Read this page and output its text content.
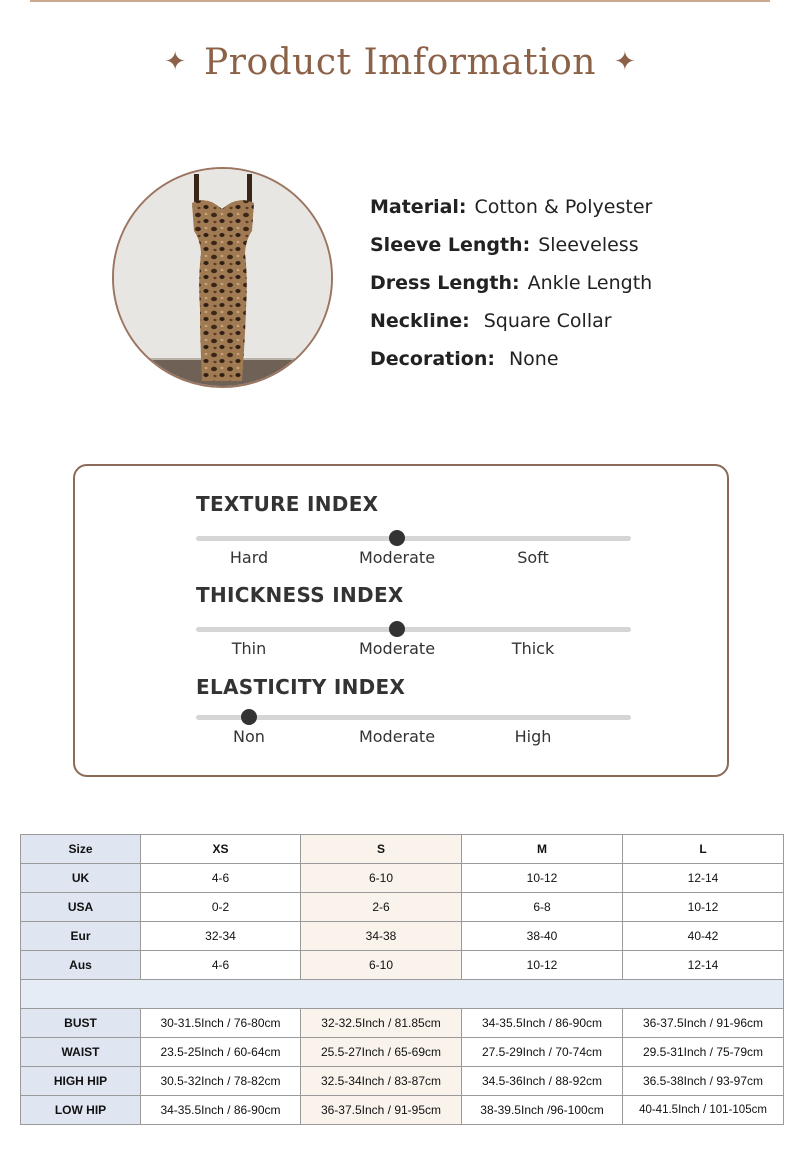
✦ Product Imformation ✦
Material: Cotton & Polyester
Sleeve Length: Sleeveless
Dress Length: Ankle Length
Neckline: Square Collar
Decoration: None
TEXTURE INDEX
Hard	Moderate	Soft
THICKNESS INDEX
Thin	Moderate	Thick
ELASTICITY INDEX
Non	Moderate	High
Size	XS	S	M	L
UK	4-6	6-10	10-12	12-14
USA	0-2	2-6	6-8	10-12
Eur	32-34	34-38	38-40	40-42
Aus	4-6	6-10	10-12	12-14

BUST	30-31.5Inch / 76-80cm	32-32.5Inch / 81.85cm	34-35.5Inch / 86-90cm	36-37.5Inch / 91-96cm
WAIST	23.5-25Inch / 60-64cm	25.5-27Inch / 65-69cm	27.5-29Inch / 70-74cm	29.5-31Inch / 75-79cm
HIGH HIP	30.5-32Inch / 78-82cm	32.5-34Inch / 83-87cm	34.5-36Inch / 88-92cm	36.5-38Inch / 93-97cm
LOW HIP	34-35.5Inch / 86-90cm	36-37.5Inch / 91-95cm	38-39.5Inch /96-100cm	40-41.5Inch / 101-105cm
